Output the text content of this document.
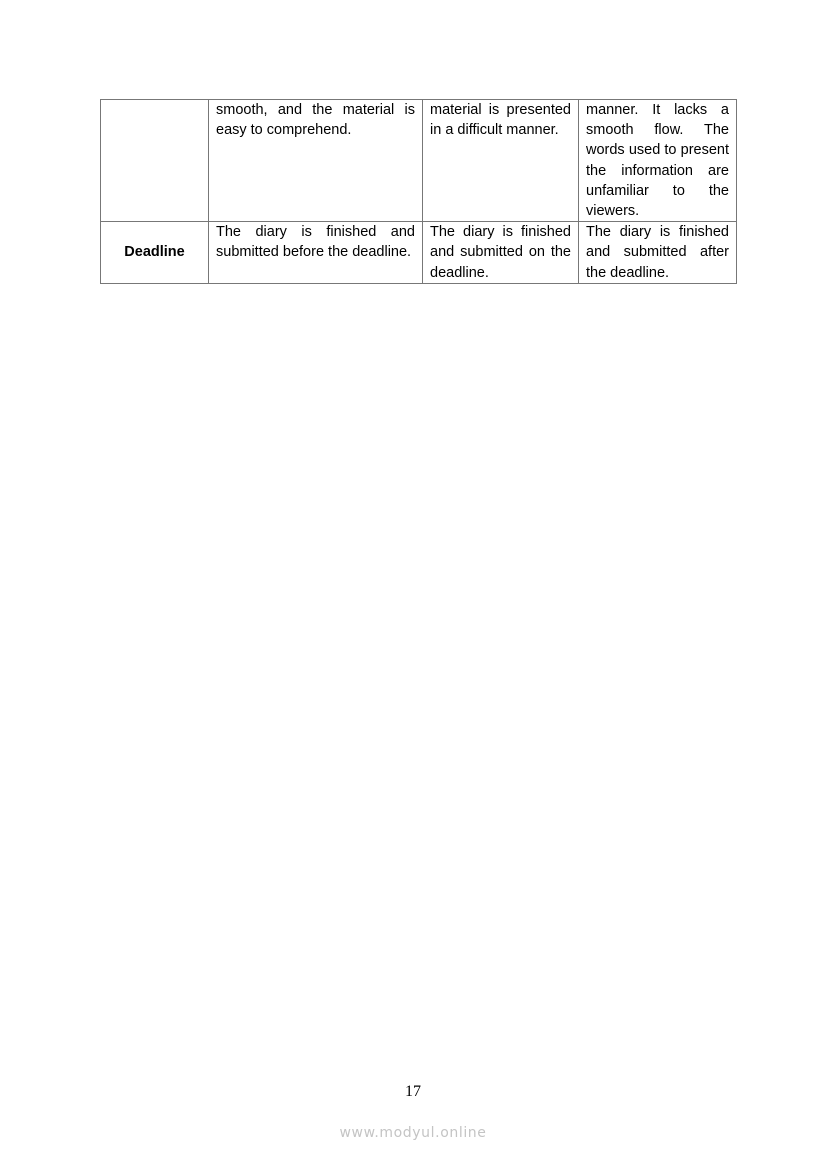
	smooth, and the material is easy to comprehend.	material is presented in a difficult manner.	manner. It lacks a smooth flow. The words used to present the information are unfamiliar to the viewers.
Deadline	The diary is finished and submitted before the deadline.	The diary is finished and submitted on the deadline.	The diary is finished and submitted after the deadline.
17
www.modyul.online
